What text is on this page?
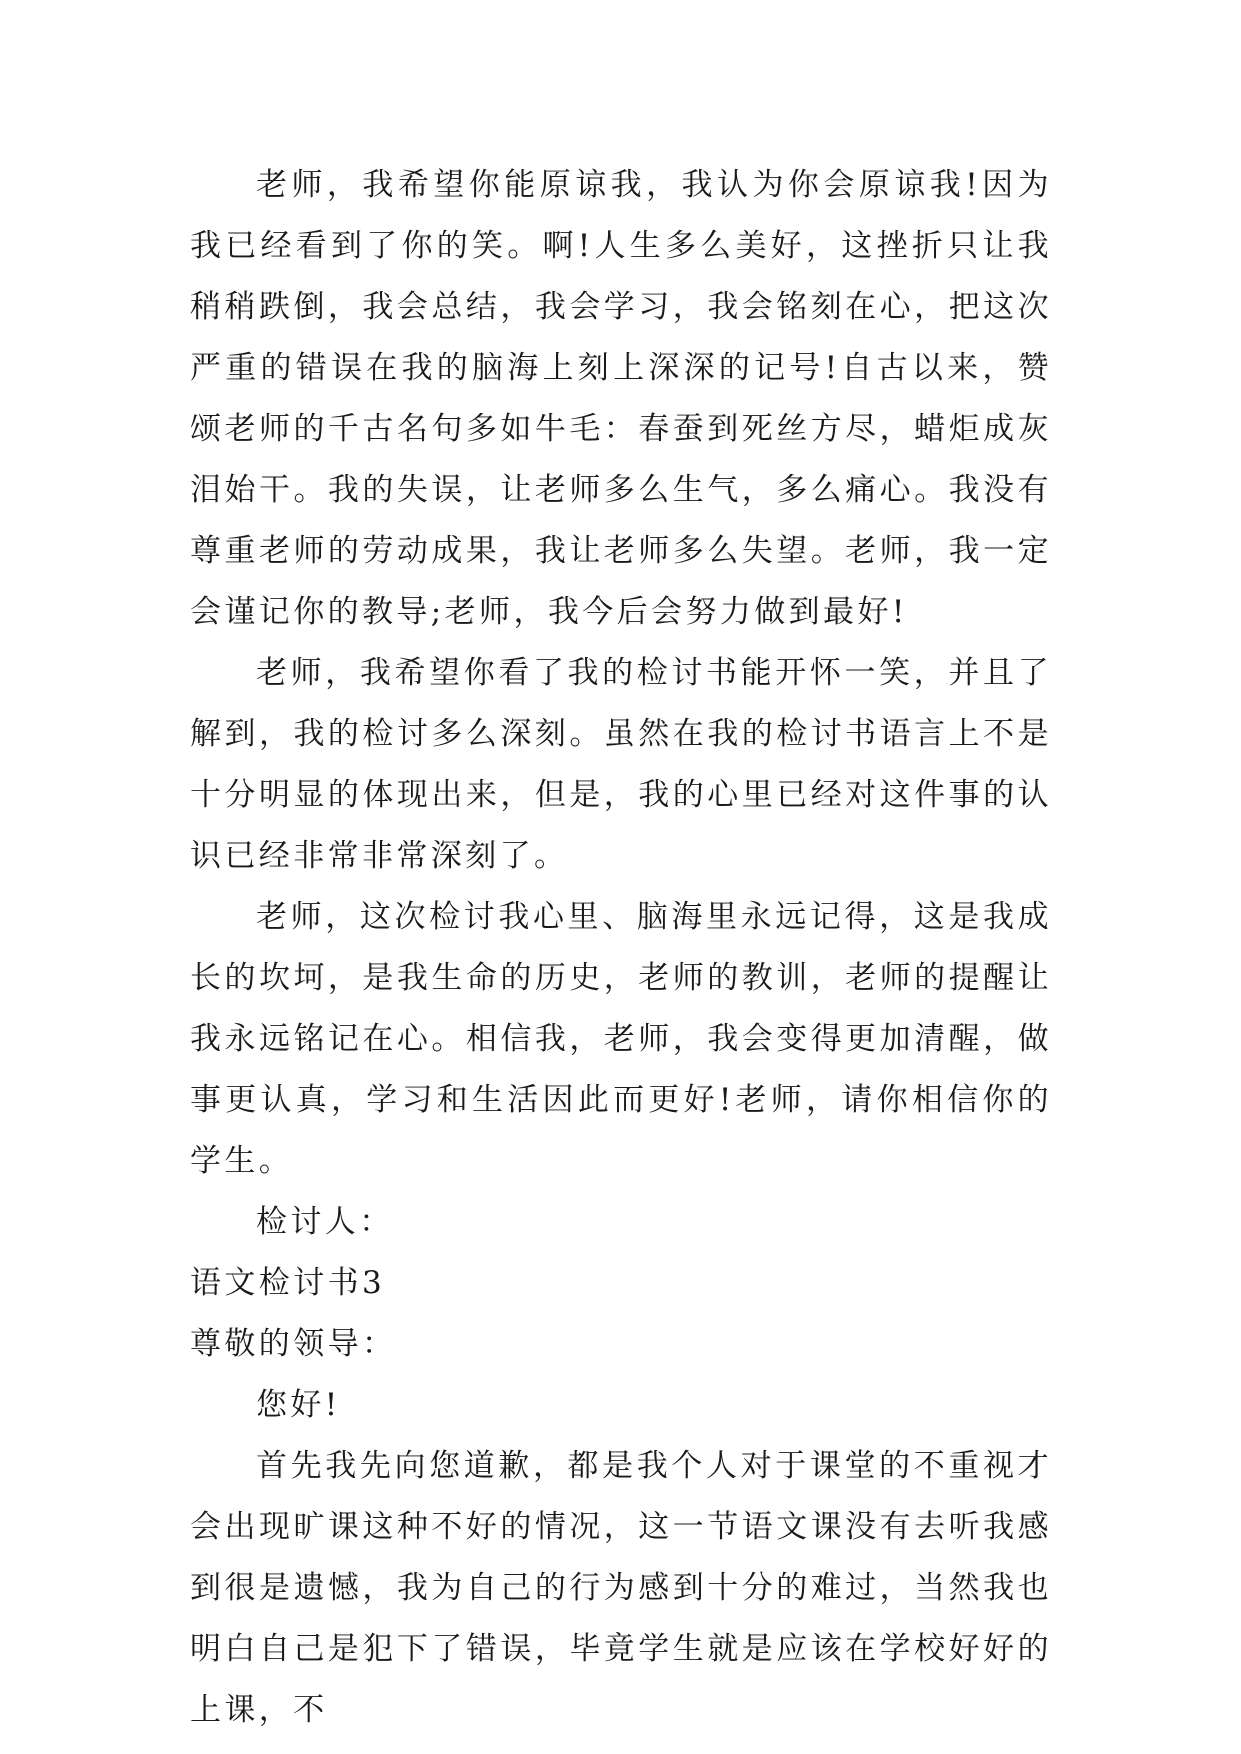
老师，我希望你能原谅我，我认为你会原谅我!因为我已经看到了你的笑。啊!人生多么美好，这挫折只让我稍稍跌倒，我会总结，我会学习，我会铭刻在心，把这次严重的错误在我的脑海上刻上深深的记号!自古以来，赞颂老师的千古名句多如牛毛：春蚕到死丝方尽，蜡炬成灰泪始干。我的失误，让老师多么生气，多么痛心。我没有尊重老师的劳动成果，我让老师多么失望。老师，我一定会谨记你的教导;老师，我今后会努力做到最好!

老师，我希望你看了我的检讨书能开怀一笑，并且了解到，我的检讨多么深刻。虽然在我的检讨书语言上不是十分明显的体现出来，但是，我的心里已经对这件事的认识已经非常非常深刻了。

老师，这次检讨我心里、脑海里永远记得，这是我成长的坎坷，是我生命的历史，老师的教训，老师的提醒让我永远铭记在心。相信我，老师，我会变得更加清醒，做事更认真，学习和生活因此而更好!老师，请你相信你的学生。

检讨人：

语文检讨书3

尊敬的领导：

您好!

首先我先向您道歉，都是我个人对于课堂的不重视才会出现旷课这种不好的情况，这一节语文课没有去听我感到很是遗憾，我为自己的行为感到十分的难过，当然我也明白自己是犯下了错误，毕竟学生就是应该在学校好好的上课，不
